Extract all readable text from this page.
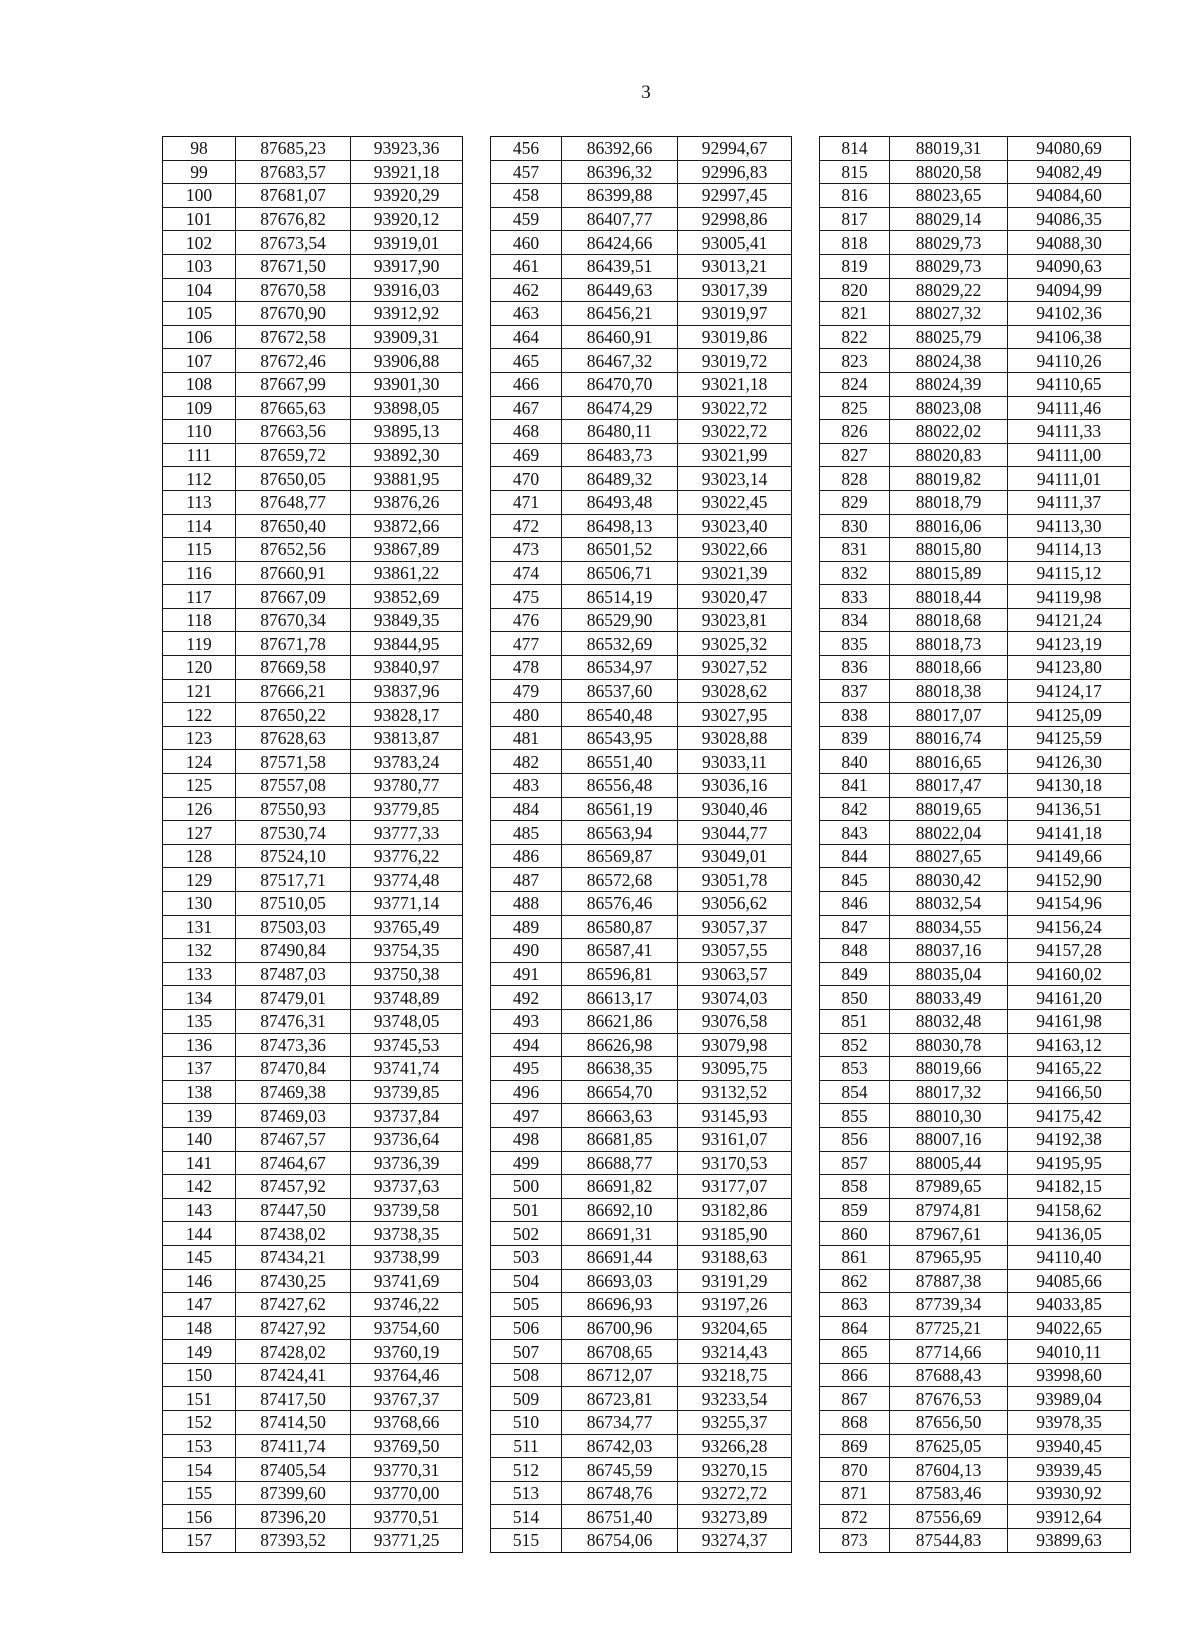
3
98	87685,23	93923,36		456	86392,66	92994,67		814	88019,31	94080,69
99	87683,57	93921,18		457	86396,32	92996,83		815	88020,58	94082,49
100	87681,07	93920,29		458	86399,88	92997,45		816	88023,65	94084,60
101	87676,82	93920,12		459	86407,77	92998,86		817	88029,14	94086,35
102	87673,54	93919,01		460	86424,66	93005,41		818	88029,73	94088,30
103	87671,50	93917,90		461	86439,51	93013,21		819	88029,73	94090,63
104	87670,58	93916,03		462	86449,63	93017,39		820	88029,22	94094,99
105	87670,90	93912,92		463	86456,21	93019,97		821	88027,32	94102,36
106	87672,58	93909,31		464	86460,91	93019,86		822	88025,79	94106,38
107	87672,46	93906,88		465	86467,32	93019,72		823	88024,38	94110,26
108	87667,99	93901,30		466	86470,70	93021,18		824	88024,39	94110,65
109	87665,63	93898,05		467	86474,29	93022,72		825	88023,08	94111,46
110	87663,56	93895,13		468	86480,11	93022,72		826	88022,02	94111,33
111	87659,72	93892,30		469	86483,73	93021,99		827	88020,83	94111,00
112	87650,05	93881,95		470	86489,32	93023,14		828	88019,82	94111,01
113	87648,77	93876,26		471	86493,48	93022,45		829	88018,79	94111,37
114	87650,40	93872,66		472	86498,13	93023,40		830	88016,06	94113,30
115	87652,56	93867,89		473	86501,52	93022,66		831	88015,80	94114,13
116	87660,91	93861,22		474	86506,71	93021,39		832	88015,89	94115,12
117	87667,09	93852,69		475	86514,19	93020,47		833	88018,44	94119,98
118	87670,34	93849,35		476	86529,90	93023,81		834	88018,68	94121,24
119	87671,78	93844,95		477	86532,69	93025,32		835	88018,73	94123,19
120	87669,58	93840,97		478	86534,97	93027,52		836	88018,66	94123,80
121	87666,21	93837,96		479	86537,60	93028,62		837	88018,38	94124,17
122	87650,22	93828,17		480	86540,48	93027,95		838	88017,07	94125,09
123	87628,63	93813,87		481	86543,95	93028,88		839	88016,74	94125,59
124	87571,58	93783,24		482	86551,40	93033,11		840	88016,65	94126,30
125	87557,08	93780,77		483	86556,48	93036,16		841	88017,47	94130,18
126	87550,93	93779,85		484	86561,19	93040,46		842	88019,65	94136,51
127	87530,74	93777,33		485	86563,94	93044,77		843	88022,04	94141,18
128	87524,10	93776,22		486	86569,87	93049,01		844	88027,65	94149,66
129	87517,71	93774,48		487	86572,68	93051,78		845	88030,42	94152,90
130	87510,05	93771,14		488	86576,46	93056,62		846	88032,54	94154,96
131	87503,03	93765,49		489	86580,87	93057,37		847	88034,55	94156,24
132	87490,84	93754,35		490	86587,41	93057,55		848	88037,16	94157,28
133	87487,03	93750,38		491	86596,81	93063,57		849	88035,04	94160,02
134	87479,01	93748,89		492	86613,17	93074,03		850	88033,49	94161,20
135	87476,31	93748,05		493	86621,86	93076,58		851	88032,48	94161,98
136	87473,36	93745,53		494	86626,98	93079,98		852	88030,78	94163,12
137	87470,84	93741,74		495	86638,35	93095,75		853	88019,66	94165,22
138	87469,38	93739,85		496	86654,70	93132,52		854	88017,32	94166,50
139	87469,03	93737,84		497	86663,63	93145,93		855	88010,30	94175,42
140	87467,57	93736,64		498	86681,85	93161,07		856	88007,16	94192,38
141	87464,67	93736,39		499	86688,77	93170,53		857	88005,44	94195,95
142	87457,92	93737,63		500	86691,82	93177,07		858	87989,65	94182,15
143	87447,50	93739,58		501	86692,10	93182,86		859	87974,81	94158,62
144	87438,02	93738,35		502	86691,31	93185,90		860	87967,61	94136,05
145	87434,21	93738,99		503	86691,44	93188,63		861	87965,95	94110,40
146	87430,25	93741,69		504	86693,03	93191,29		862	87887,38	94085,66
147	87427,62	93746,22		505	86696,93	93197,26		863	87739,34	94033,85
148	87427,92	93754,60		506	86700,96	93204,65		864	87725,21	94022,65
149	87428,02	93760,19		507	86708,65	93214,43		865	87714,66	94010,11
150	87424,41	93764,46		508	86712,07	93218,75		866	87688,43	93998,60
151	87417,50	93767,37		509	86723,81	93233,54		867	87676,53	93989,04
152	87414,50	93768,66		510	86734,77	93255,37		868	87656,50	93978,35
153	87411,74	93769,50		511	86742,03	93266,28		869	87625,05	93940,45
154	87405,54	93770,31		512	86745,59	93270,15		870	87604,13	93939,45
155	87399,60	93770,00		513	86748,76	93272,72		871	87583,46	93930,92
156	87396,20	93770,51		514	86751,40	93273,89		872	87556,69	93912,64
157	87393,52	93771,25		515	86754,06	93274,37		873	87544,83	93899,63
